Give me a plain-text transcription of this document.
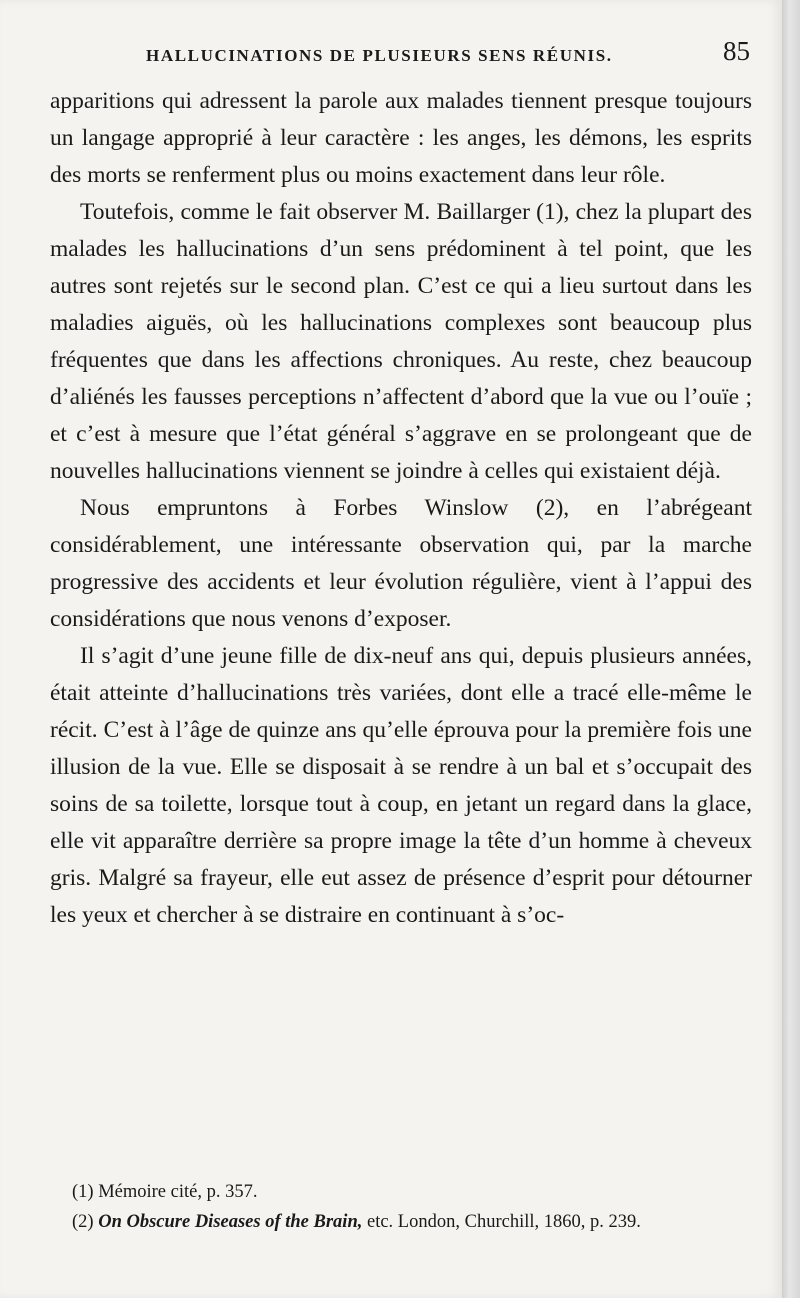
HALLUCINATIONS DE PLUSIEURS SENS RÉUNIS.	85

apparitions qui adressent la parole aux malades tiennent presque toujours un langage approprié à leur caractère : les anges, les démons, les esprits des morts se renferment plus ou moins exactement dans leur rôle.

Toutefois, comme le fait observer M. Baillarger (1), chez la plupart des malades les hallucinations d’un sens prédominent à tel point, que les autres sont rejetés sur le second plan. C’est ce qui a lieu surtout dans les maladies aiguës, où les hallucinations complexes sont beaucoup plus fréquentes que dans les affections chroniques. Au reste, chez beaucoup d’aliénés les fausses perceptions n’affectent d’abord que la vue ou l’ouïe ; et c’est à mesure que l’état général s’aggrave en se prolongeant que de nouvelles hallucinations viennent se joindre à celles qui existaient déjà.

Nous empruntons à Forbes Winslow (2), en l’abrégeant considérablement, une intéressante observation qui, par la marche progressive des accidents et leur évolution régulière, vient à l’appui des considérations que nous venons d’exposer.

Il s’agit d’une jeune fille de dix-neuf ans qui, depuis plusieurs années, était atteinte d’hallucinations très variées, dont elle a tracé elle-même le récit. C’est à l’âge de quinze ans qu’elle éprouva pour la première fois une illusion de la vue. Elle se disposait à se rendre à un bal et s’occupait des soins de sa toilette, lorsque tout à coup, en jetant un regard dans la glace, elle vit apparaître derrière sa propre image la tête d’un homme à cheveux gris. Malgré sa frayeur, elle eut assez de présence d’esprit pour détourner les yeux et chercher à se distraire en continuant à s’oc-

(1) Mémoire cité, p. 357.

(2) On Obscure Diseases of the Brain, etc. London, Churchill, 1860, p. 239.
